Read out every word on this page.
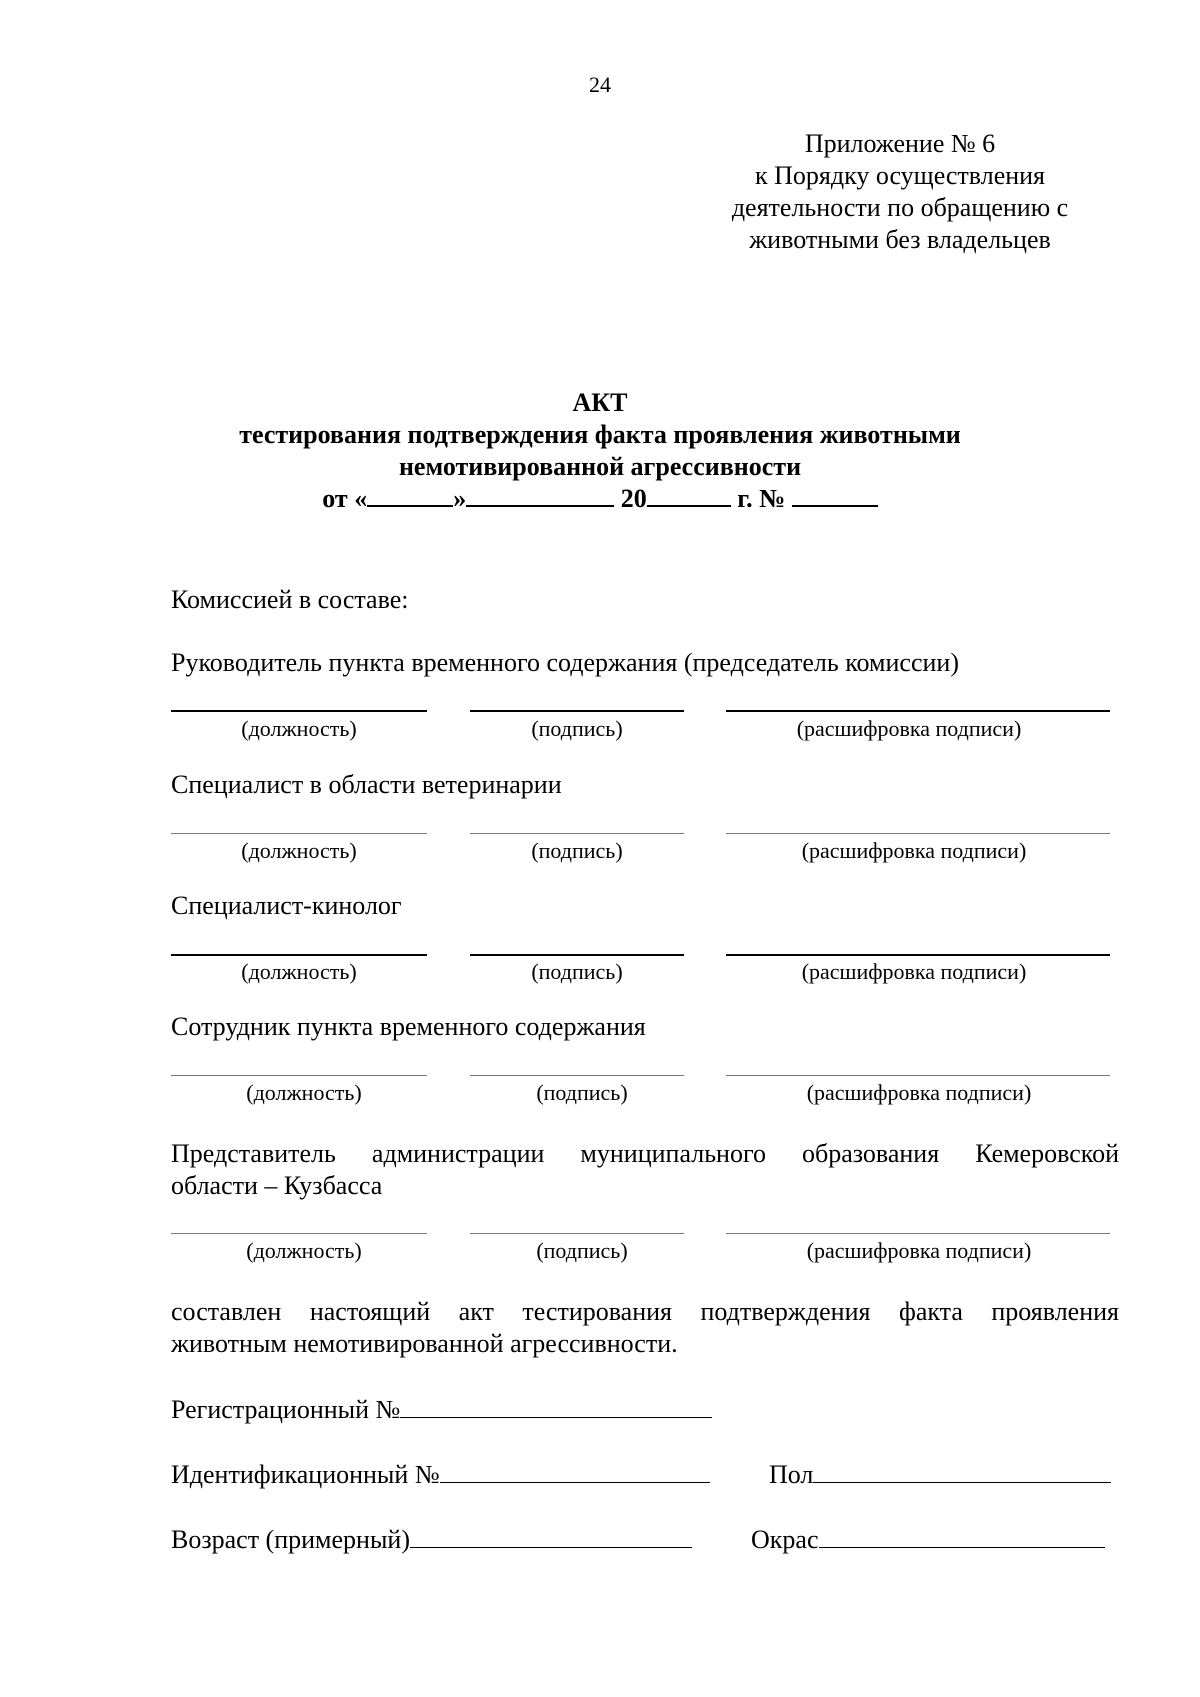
24
Приложение № 6
к Порядку осуществления
деятельности по обращению с
животными без владельцев
АКТ
тестирования подтверждения факта проявления животными
немотивированной агрессивности
от «	»	20	г. №
Комиссией в составе:
Руководитель пункта временного содержания (председатель комиссии)
(должность)	(подпись)	(расшифровка подписи)
Специалист в области ветеринарии
(должность)	(подпись)	(расшифровка подписи)
Специалист-кинолог
(должность)	(подпись)	(расшифровка подписи)
Сотрудник пункта временного содержания
(должность)	(подпись)	(расшифровка подписи)
Представитель администрации муниципального образования Кемеровской
области – Кузбасса
(должность)	(подпись)	(расшифровка подписи)
составлен настоящий акт тестирования подтверждения факта проявления
животным немотивированной агрессивности.
Регистрационный №
Идентификационный №	Пол
Возраст (примерный)	Окрас
